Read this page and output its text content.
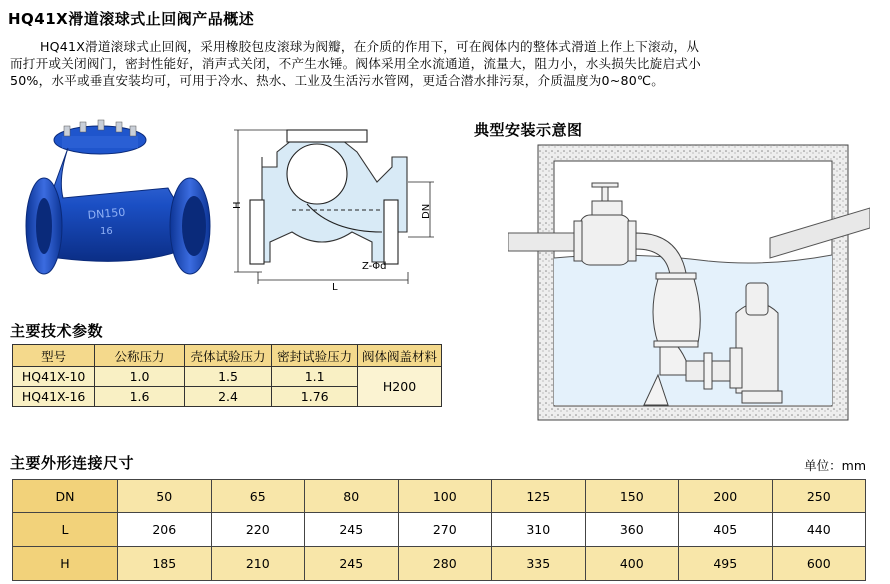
HQ41X滑道滚球式止回阀产品概述
HQ41X滑道滚球式止回阀，采用橡胶包皮滚球为阀瓣，在介质的作用下，可在阀体内的整体式滑道上作上下滚动，从
而打开或关闭阀门，密封性能好，消声式关闭，不产生水锤。阀体采用全水流通道，流量大，阻力小，水头损失比旋启式小
50%，水平或垂直安装均可，可用于冷水、热水、工业及生活污水管网，更适合潜水排污泵，介质温度为0~80℃。
DN150
16
H	DN
L
Z-Φd
典型安装示意图
主要技术参数
型号	公称压力	壳体试验压力	密封试验压力	阀体阀盖材料
HQ41X-10	1.0	1.5	1.1	H200
HQ41X-16	1.6	2.4	1.76	
主要外形连接尺寸	单位：mm
DN	50	65	80	100	125	150	200	250
L	206	220	245	270	310	360	405	440
H	185	210	245	280	335	400	495	600
